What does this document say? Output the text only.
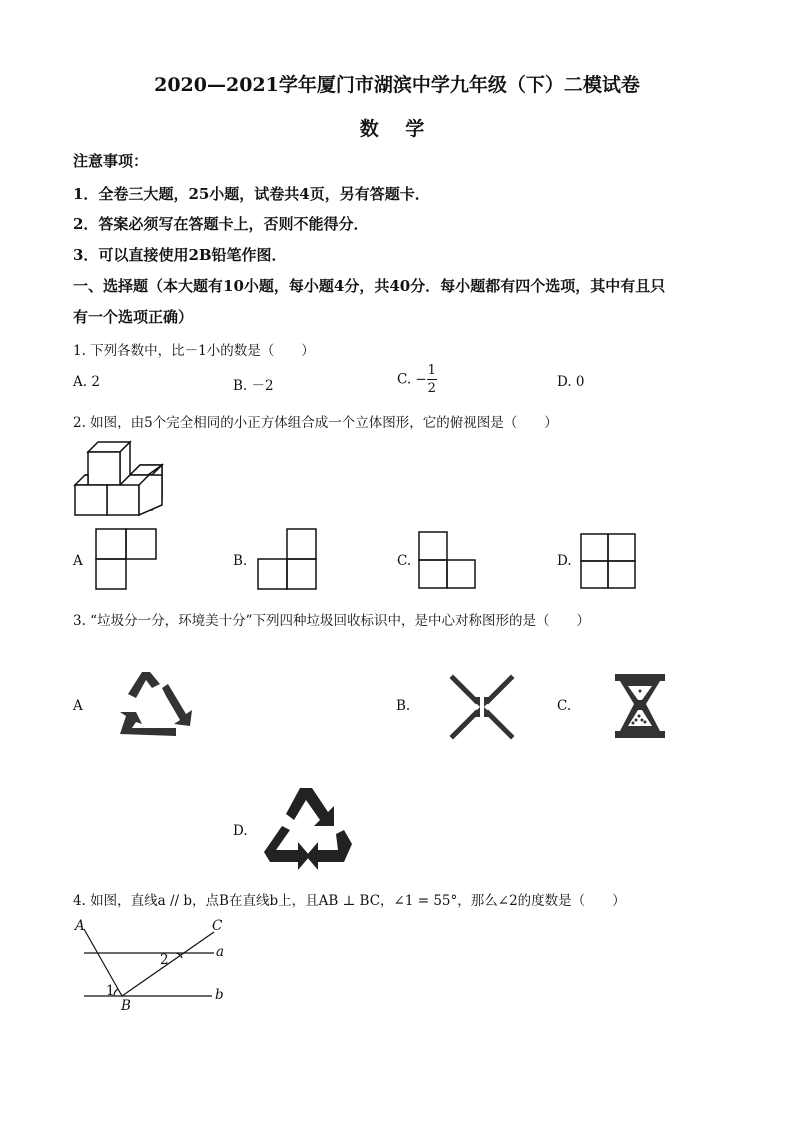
2020—2021学年厦门市湖滨中学九年级（下）二模试卷
数 学
注意事项：
1．全卷三大题，25小题，试卷共4页，另有答题卡．
2．答案必须写在答题卡上，否则不能得分．
3．可以直接使用2B铅笔作图．
一、选择题（本大题有10小题，每小题4分，共40分．每小题都有四个选项，其中有且只
有一个选项正确）
1. 下列各数中，比－1小的数是（　　）
A. 2	B. －2	C. − $\frac{1}{2}$	D. 0
2. 如图，由5个完全相同的小正方体组合成一个立体图形，它的俯视图是（　　）
A	B.	C.	D.
3. “垃圾分一分，环境美十分”下列四种垃圾回收标识中，是中心对称图形的是（　　）
A	B.	C.
D.
4. 如图，直线a // b，点B在直线b上，且AB ⊥ BC，∠1 = 55°，那么∠2的度数是（　　）
A	C
a
b
B
1
2
